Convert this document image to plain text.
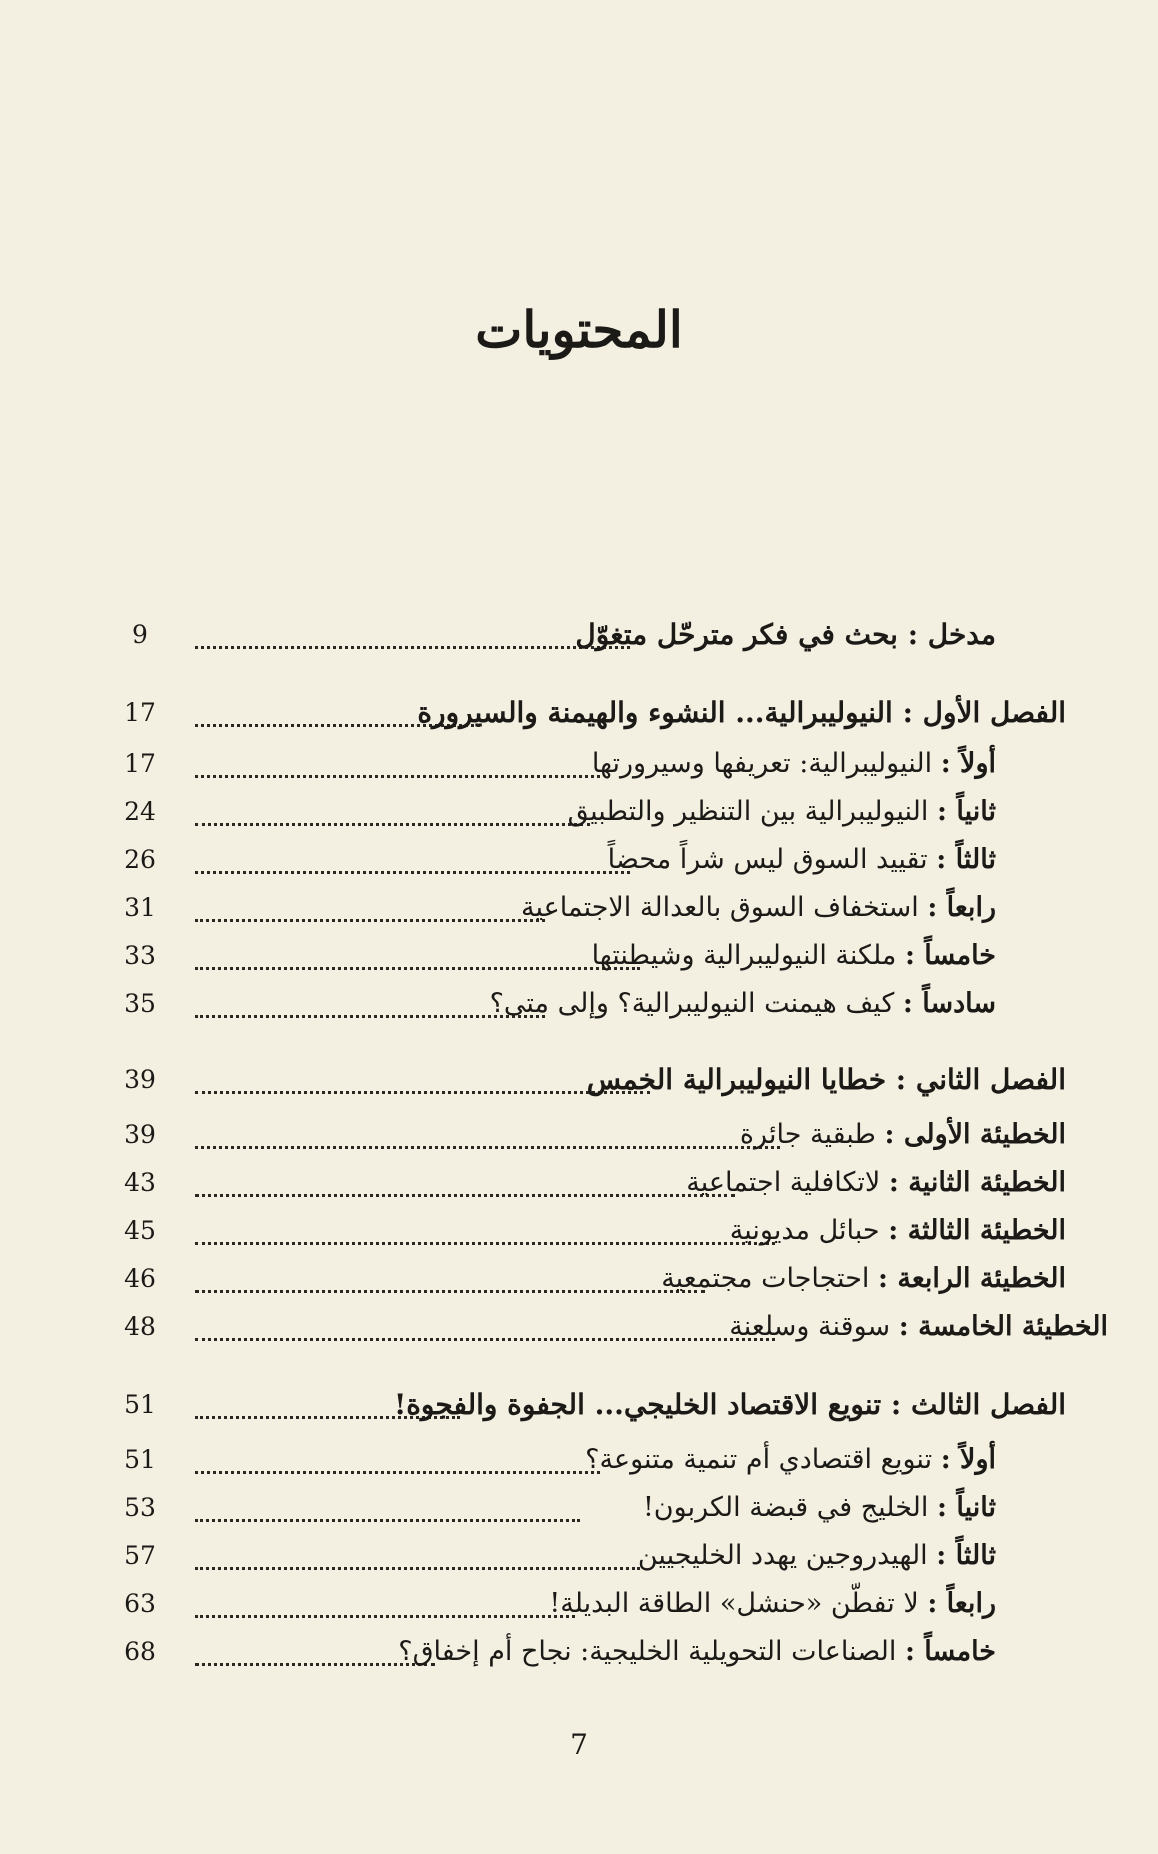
المحتويات
مدخل : بحث في فكر مترحّل متغوّل
9
الفصل الأول : النيوليبرالية... النشوء والهيمنة والسيرورة
17
أولاً : النيوليبرالية: تعريفها وسيرورتها
17
ثانياً : النيوليبرالية بين التنظير والتطبيق
24
ثالثاً : تقييد السوق ليس شراً محضاً
26
رابعاً : استخفاف السوق بالعدالة الاجتماعية
31
خامساً : ملكنة النيوليبرالية وشيطنتها
33
سادساً : كيف هيمنت النيوليبرالية؟ وإلى متى؟
35
الفصل الثاني : خطايا النيوليبرالية الخمس
39
الخطيئة الأولى : طبقية جائرة
39
الخطيئة الثانية : لاتكافلية اجتماعية
43
الخطيئة الثالثة : حبائل مديونية
45
الخطيئة الرابعة : احتجاجات مجتمعية
46
الخطيئة الخامسة : سوقنة وسلعنة
48
الفصل الثالث : تنويع الاقتصاد الخليجي... الجفوة والفجوة!
51
أولاً : تنويع اقتصادي أم تنمية متنوعة؟
51
ثانياً : الخليج في قبضة الكربون!
53
ثالثاً : الهيدروجين يهدد الخليجيين
57
رابعاً : لا تفطّن «حنشل» الطاقة البديلة!
63
خامساً : الصناعات التحويلية الخليجية: نجاح أم إخفاق؟
68
7
